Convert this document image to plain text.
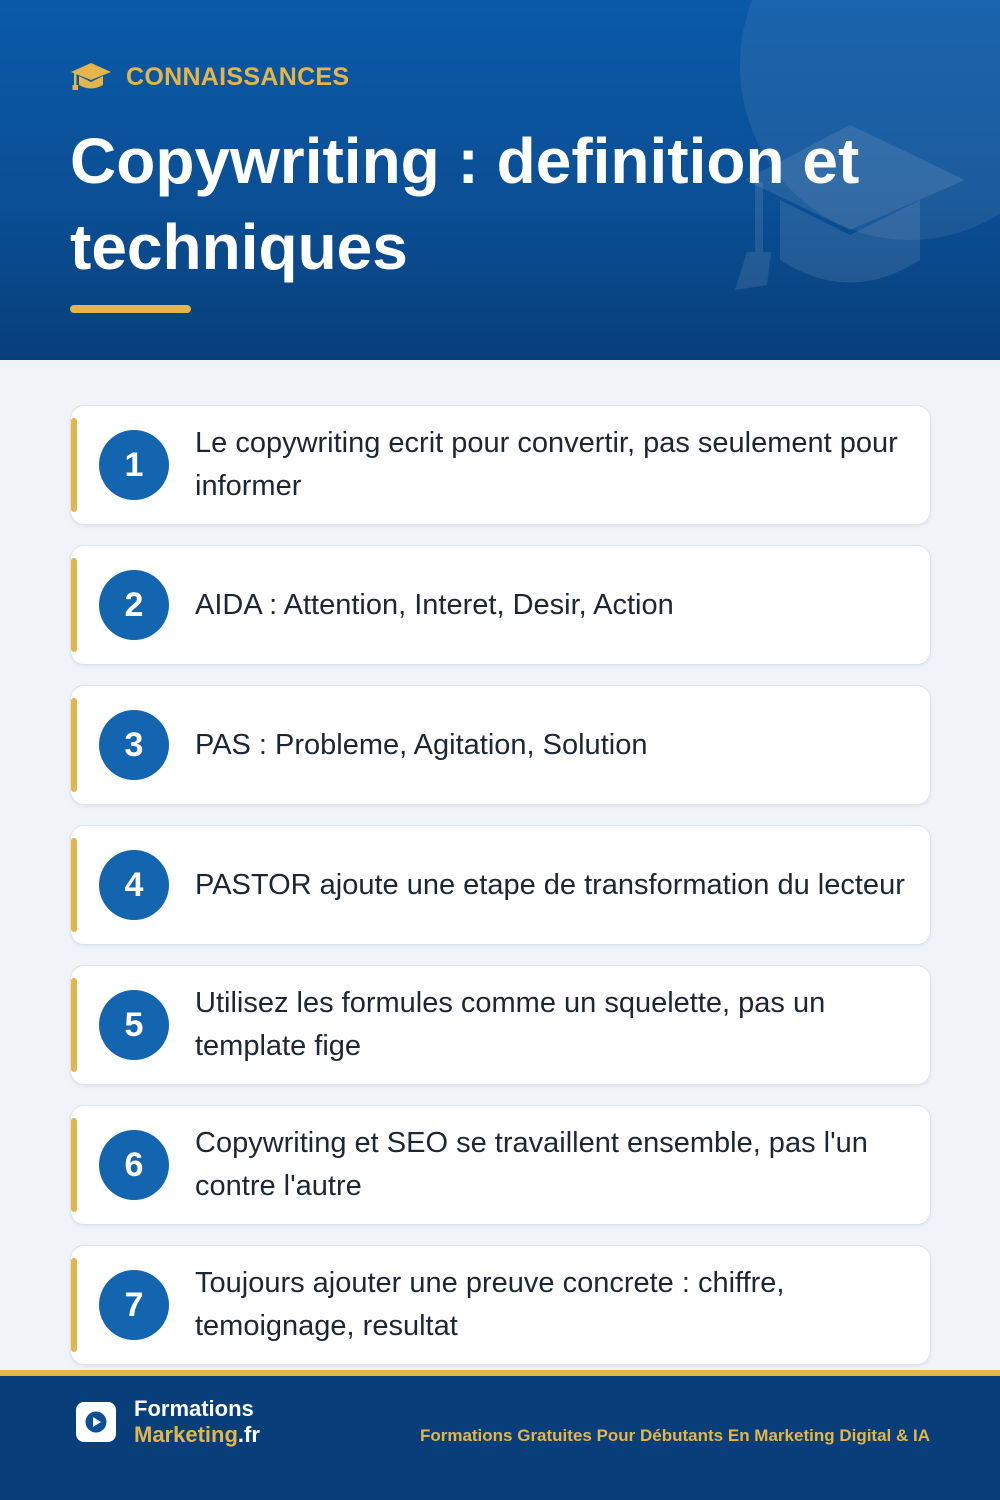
CONNAISSANCES
Copywriting : definition et techniques
1
Le copywriting ecrit pour convertir, pas seulement pour informer
2	AIDA : Attention, Interet, Desir, Action
3	PAS : Probleme, Agitation, Solution
4	PASTOR ajoute une etape de transformation du lecteur
5
Utilisez les formules comme un squelette, pas un template fige
6
Copywriting et SEO se travaillent ensemble, pas l'un contre l'autre
7
Toujours ajouter une preuve concrete : chiffre, temoignage, resultat
Formations
Marketing.fr	Formations Gratuites Pour Débutants En Marketing Digital & IA
